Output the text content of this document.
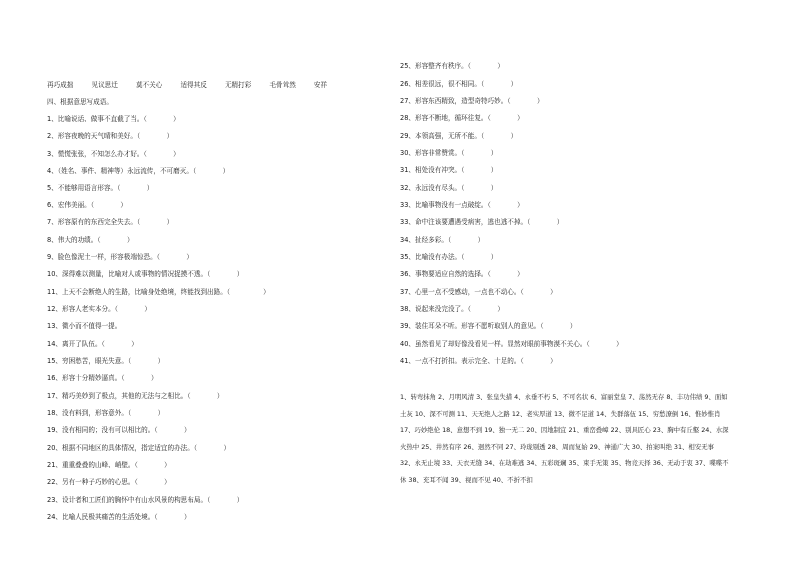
再巧成拙	见议思迁	莫不关心	适得其反	无精打彩	毛骨耸然	安祥
四、根据意思写成语。
1、比喻说话、做事不直截了当。（　　　　）
2、形容夜晚的天气晴和美好。（　　　　）
3、慌慌张张，不知怎么办才好。（　　　　）
4、（姓名、事件、精神等）永远流传，不可磨灭。（　　　　）
5、不能够用语言形容。（　　　　）
6、宏伟美丽。（　　　　）
7、形容原有的东西完全失去。（　　　　）
8、伟大的功绩。（　　　　）
9、脸色像泥土一样，形容极端惊恐。（　　　　）
10、深得难以测量，比喻对人或事物的情况捉摸不透。（　　　　）
11、上天不会断绝人的生路，比喻身处绝境，终能找到出路。（　　　　　）
12、形容人老实本分。（　　　　）
13、微小而不值得一提。
14、离开了队伍。（　　　　）
15、穷困愁苦，眼光失意。（　　　　）
16、形容十分精妙逼真。（　　　　）
17、精巧美妙到了极点，其他的无法与之相比。（　　　　）
18、没有料到，形容意外。（　　　　）
19、没有相同的；没有可以相比的。（　　　　）
20、根据不同地区的具体情况，指定适宜的办法。（　　　　）
21、重重叠叠的山峰、峭壁。（　　　　）
22、另有一种子巧妙的心思。（　　　　）
23、设计者和工匠们的胸怀中有山水风景的构思布局。（　　　　）
24、比喻人民极其痛苦的生活处境。（　　　　）
25、形容整齐有秩序。（　　　　）
26、相差很远，很不相同。（　　　　）
27、形容东西精致，造型奇特巧妙。（　　　　）
28、形容不断地，循环往复。（　　　　）
29、本领高强，无所不能。（　　　　）
30、形容非常赞赏。（　　　　）
31、相处没有冲突。（　　　　）
32、永远没有尽头。（　　　　）
33、比喻事物没有一点破绽。（　　　　）
33、命中注该要遭遇受病害，逃也逃不掉。（　　　　）
34、扯经多彩。（　　　　）
35、比喻没有办法。（　　　　）
36、事物要适应自然的选择。（　　　　）
37、心里一点不受感动，一点也不动心。（　　　　）
38、说起来没完没了。（　　　　）
39、装住耳朵不听。形容不愿听取别人的意见。（　　　　）
40、虽然看见了却好像没看见一样。显然对眼前事物漠不关心。（　　　　）
41、一点不打折扣。表示完全、十足的。（　　　　）
1、转弯抹角 2、月明风清 3、张皇失措 4、永垂不朽 5、不可名状 6、富丽堂皇 7、荡然无存 8、丰功伟绩 9、面如土灰 10、深不可测 11、天无绝人之路 12、老实厚道 13、微不足道 14、失群落伍 15、穷愁潦倒 16、惟妙惟肖 17、巧妙绝伦 18、意想不到 19、独一无二 20、因地制宜 21、重峦叠嶂 22、别具匠心 23、胸中有丘壑 24、水深火热中 25、井然有序 26、迥然不同 27、玲珑剔透 28、周而复始 29、神通广大 30、拍案叫绝 31、相安无事 32、永无止境 33、天衣无缝 34、在劫难逃 34、五彩斑斓 35、束手无策 35、物竞天择 36、无动于衷 37、喋喋不休 38、充耳不闻 39、视而不见 40、不折不扣
